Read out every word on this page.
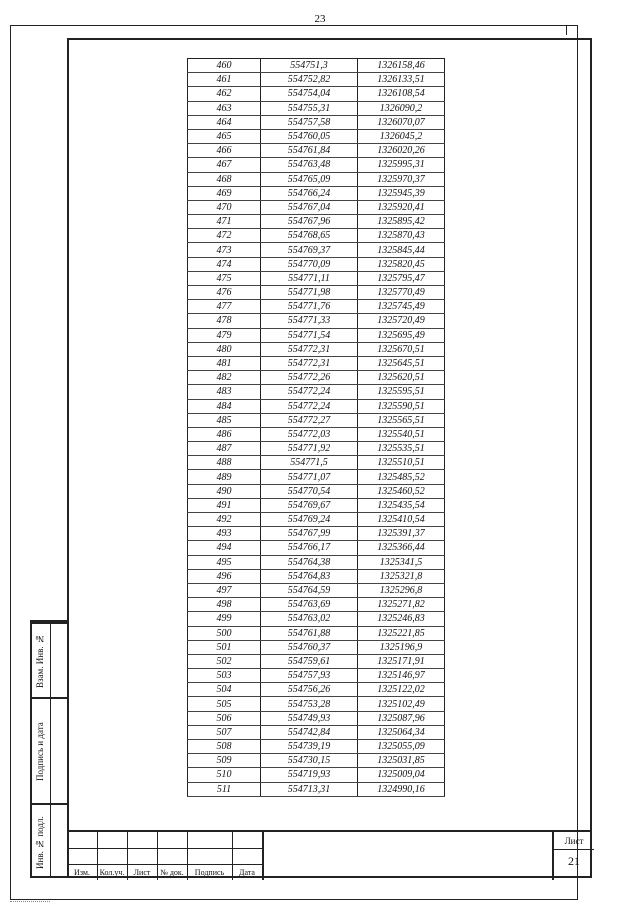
23
460	554751,3	1326158,46
461	554752,82	1326133,51
462	554754,04	1326108,54
463	554755,31	1326090,2
464	554757,58	1326070,07
465	554760,05	1326045,2
466	554761,84	1326020,26
467	554763,48	1325995,31
468	554765,09	1325970,37
469	554766,24	1325945,39
470	554767,04	1325920,41
471	554767,96	1325895,42
472	554768,65	1325870,43
473	554769,37	1325845,44
474	554770,09	1325820,45
475	554771,11	1325795,47
476	554771,98	1325770,49
477	554771,76	1325745,49
478	554771,33	1325720,49
479	554771,54	1325695,49
480	554772,31	1325670,51
481	554772,31	1325645,51
482	554772,26	1325620,51
483	554772,24	1325595,51
484	554772,24	1325590,51
485	554772,27	1325565,51
486	554772,03	1325540,51
487	554771,92	1325535,51
488	554771,5	1325510,51
489	554771,07	1325485,52
490	554770,54	1325460,52
491	554769,67	1325435,54
492	554769,24	1325410,54
493	554767,99	1325391,37
494	554766,17	1325366,44
495	554764,38	1325341,5
496	554764,83	1325321,8
497	554764,59	1325296,8
498	554763,69	1325271,82
499	554763,02	1325246,83
500	554761,88	1325221,85
501	554760,37	1325196,9
502	554759,61	1325171,91
503	554757,93	1325146,97
504	554756,26	1325122,02
505	554753,28	1325102,49
506	554749,93	1325087,96
507	554742,84	1325064,34
508	554739,19	1325055,09
509	554730,15	1325031,85
510	554719,93	1325009,04
511	554713,31	1324990,16
Взам. Инв. №
Подпись и дата
Инв. № подл.
Изм.	Кол.уч.	Лист	№ док.	Подпись	Дата
Лист
21
